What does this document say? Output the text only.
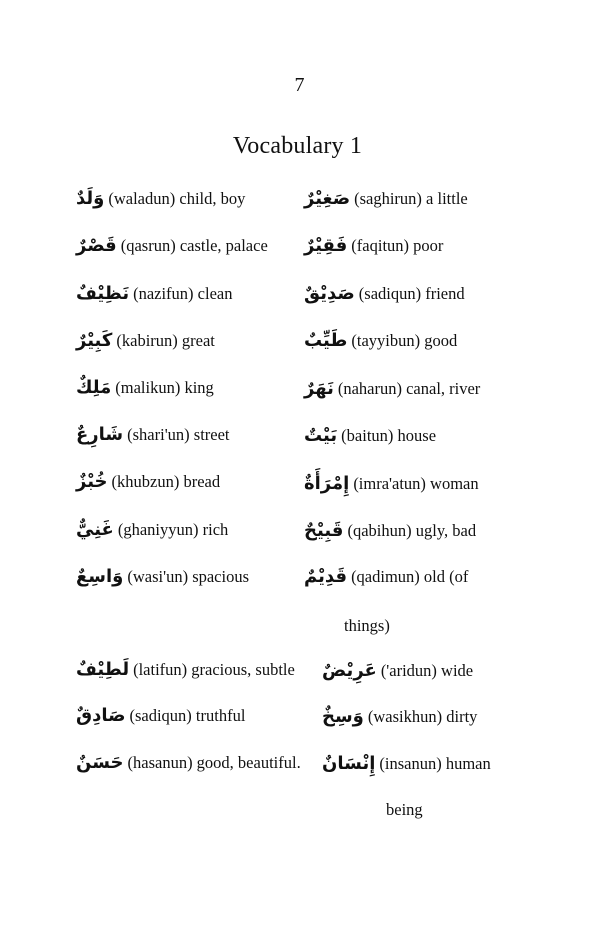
7
Vocabulary 1
وَلَدٌ (waladun) child, boy
قَصْرٌ (qasrun) castle, palace
نَظِيْفٌ (nazifun) clean
كَبِيْرٌ (kabirun) great
مَلِكٌ (malikun) king
شَارِعٌ (shari'un) street
خُبْزٌ (khubzun) bread
غَنِيٌّ (ghaniyyun) rich
وَاسِعٌ (wasi'un) spacious
لَطِيْفٌ (latifun) gracious, subtle
صَادِقٌ (sadiqun) truthful
حَسَنٌ (hasanun) good, beautiful.
صَغِيْرٌ (saghirun) a little
فَقِيْرٌ (faqitun) poor
صَدِيْقٌ (sadiqun) friend
طَيِّبٌ (tayyibun) good
نَهَرٌ (naharun) canal, river
بَيْتٌ (baitun) house
إِمْرَأَةٌ (imra'atun) woman
قَبِيْحٌ (qabihun) ugly, bad
قَدِيْمٌ (qadimun) old (of
things)
عَرِيْضٌ ('aridun) wide
وَسِخٌ (wasikhun) dirty
إِنْسَانٌ (insanun) human
being
